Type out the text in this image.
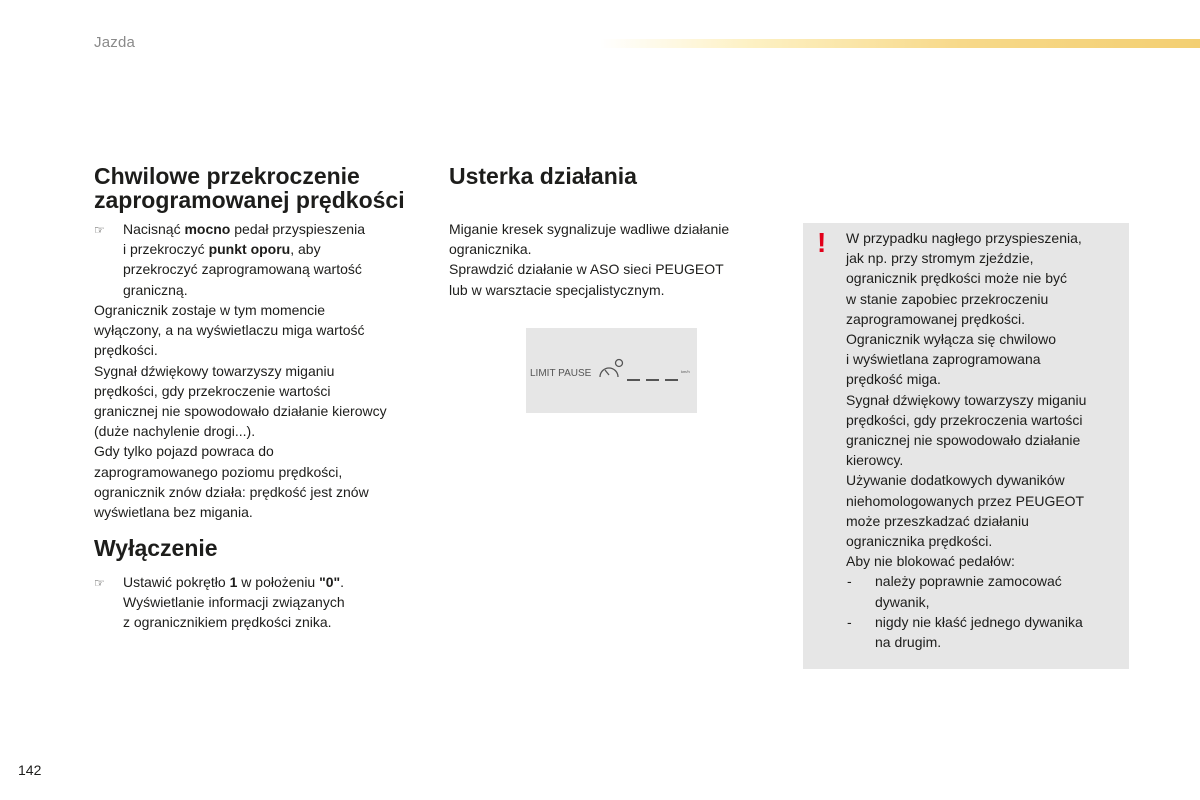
Jazda
Chwilowe przekroczenie
zaprogramowanej prędkości
☞ Nacisnąć mocno pedał przyspieszenia
i przekroczyć punkt oporu, aby
przekroczyć zaprogramowaną wartość
graniczną.
Ogranicznik zostaje w tym momencie
wyłączony, a na wyświetlaczu miga wartość
prędkości.
Sygnał dźwiękowy towarzyszy miganiu
prędkości, gdy przekroczenie wartości
granicznej nie spowodowało działanie kierowcy
(duże nachylenie drogi...).
Gdy tylko pojazd powraca do
zaprogramowanego poziomu prędkości,
ogranicznik znów działa: prędkość jest znów
wyświetlana bez migania.
Wyłączenie
☞ Ustawić pokrętło 1 w położeniu "0".
Wyświetlanie informacji związanych
z ogranicznikiem prędkości znika.
Usterka działania
Miganie kresek sygnalizuje wadliwe działanie
ogranicznika.
Sprawdzić działanie w ASO sieci PEUGEOT
lub w warsztacie specjalistycznym.
LIMIT PAUSE	km/h
! W przypadku nagłego przyspieszenia,
jak np. przy stromym zjeździe,
ogranicznik prędkości może nie być
w stanie zapobiec przekroczeniu
zaprogramowanej prędkości.
Ogranicznik wyłącza się chwilowo
i wyświetlana zaprogramowana
prędkość miga.
Sygnał dźwiękowy towarzyszy miganiu
prędkości, gdy przekroczenia wartości
granicznej nie spowodowało działanie
kierowcy.
Używanie dodatkowych dywaników
niehomologowanych przez PEUGEOT
może przeszkadzać działaniu
ogranicznika prędkości.
Aby nie blokować pedałów:
- należy poprawnie zamocować
dywanik,
- nigdy nie kłaść jednego dywanika
na drugim.
142
